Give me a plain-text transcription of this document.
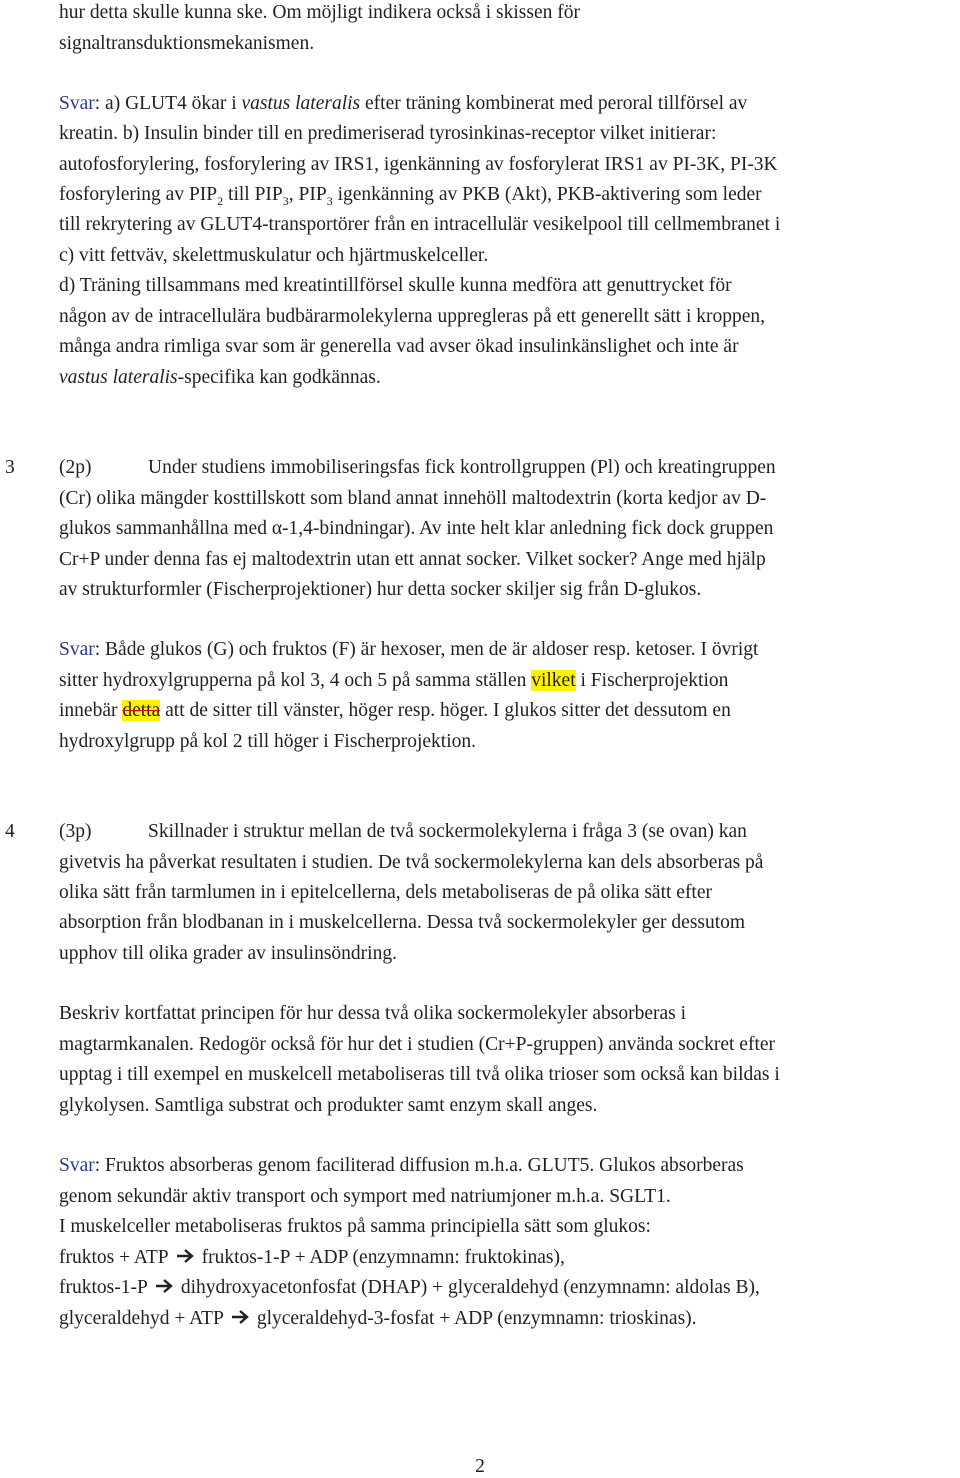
hur detta skulle kunna ske. Om möjligt indikera också i skissen för
signaltransduktionsmekanismen.
Svar: a) GLUT4 ökar i vastus lateralis efter träning kombinerat med peroral tillförsel av
kreatin. b) Insulin binder till en predimeriserad tyrosinkinas-receptor vilket initierar:
autofosforylering, fosforylering av IRS1, igenkänning av fosforylerat IRS1 av PI-3K, PI-3K
fosforylering av $PIP_2$ till $PIP_3$, $PIP_3$ igenkänning av PKB (Akt), PKB-aktivering som leder
till rekrytering av GLUT4-transportörer från en intracellulär vesikelpool till cellmembranet i
c) vitt fettväv, skelettmuskulatur och hjärtmuskelceller.
d) Träning tillsammans med kreatintillförsel skulle kunna medföra att genuttrycket för
någon av de intracellulära budbärarmolekylerna uppregleras på ett generellt sätt i kroppen,
många andra rimliga svar som är generella vad avser ökad insulinkänslighet och inte är
vastus lateralis-specifika kan godkännas.
3 (2p)	Under studiens immobiliseringsfas fick kontrollgruppen (Pl) och kreatingruppen
(Cr) olika mängder kosttillskott som bland annat innehöll maltodextrin (korta kedjor av D-
glukos sammanhållna med α-1,4-bindningar). Av inte helt klar anledning fick dock gruppen
Cr+P under denna fas ej maltodextrin utan ett annat socker. Vilket socker? Ange med hjälp
av strukturformler (Fischerprojektioner) hur detta socker skiljer sig från D-glukos.
Svar: Både glukos (G) och fruktos (F) är hexoser, men de är aldoser resp. ketoser. I övrigt
sitter hydroxylgrupperna på kol 3, 4 och 5 på samma ställen vilket i Fischerprojektion
innebär detta att de sitter till vänster, höger resp. höger. I glukos sitter det dessutom en
hydroxylgrupp på kol 2 till höger i Fischerprojektion.
4 (3p)	Skillnader i struktur mellan de två sockermolekylerna i fråga 3 (se ovan) kan
givetvis ha påverkat resultaten i studien. De två sockermolekylerna kan dels absorberas på
olika sätt från tarmlumen in i epitelcellerna, dels metaboliseras de på olika sätt efter
absorption från blodbanan in i muskelcellerna. Dessa två sockermolekyler ger dessutom
upphov till olika grader av insulinsöndring.
Beskriv kortfattat principen för hur dessa två olika sockermolekyler absorberas i
magtarmkanalen. Redogör också för hur det i studien (Cr+P-gruppen) använda sockret efter
upptag i till exempel en muskelcell metaboliseras till två olika trioser som också kan bildas i
glykolysen. Samtliga substrat och produkter samt enzym skall anges.
Svar: Fruktos absorberas genom faciliterad diffusion m.h.a. GLUT5. Glukos absorberas
genom sekundär aktiv transport och symport med natriumjoner m.h.a. SGLT1.
I muskelceller metaboliseras fruktos på samma principiella sätt som glukos:
fruktos + ATP fruktos-1-P + ADP (enzymnamn: fruktokinas),
fruktos-1-P dihydroxyacetonfosfat (DHAP) + glyceraldehyd (enzymnamn: aldolas B),
glyceraldehyd + ATP glyceraldehyd-3-fosfat + ADP (enzymnamn: trioskinas).
2
